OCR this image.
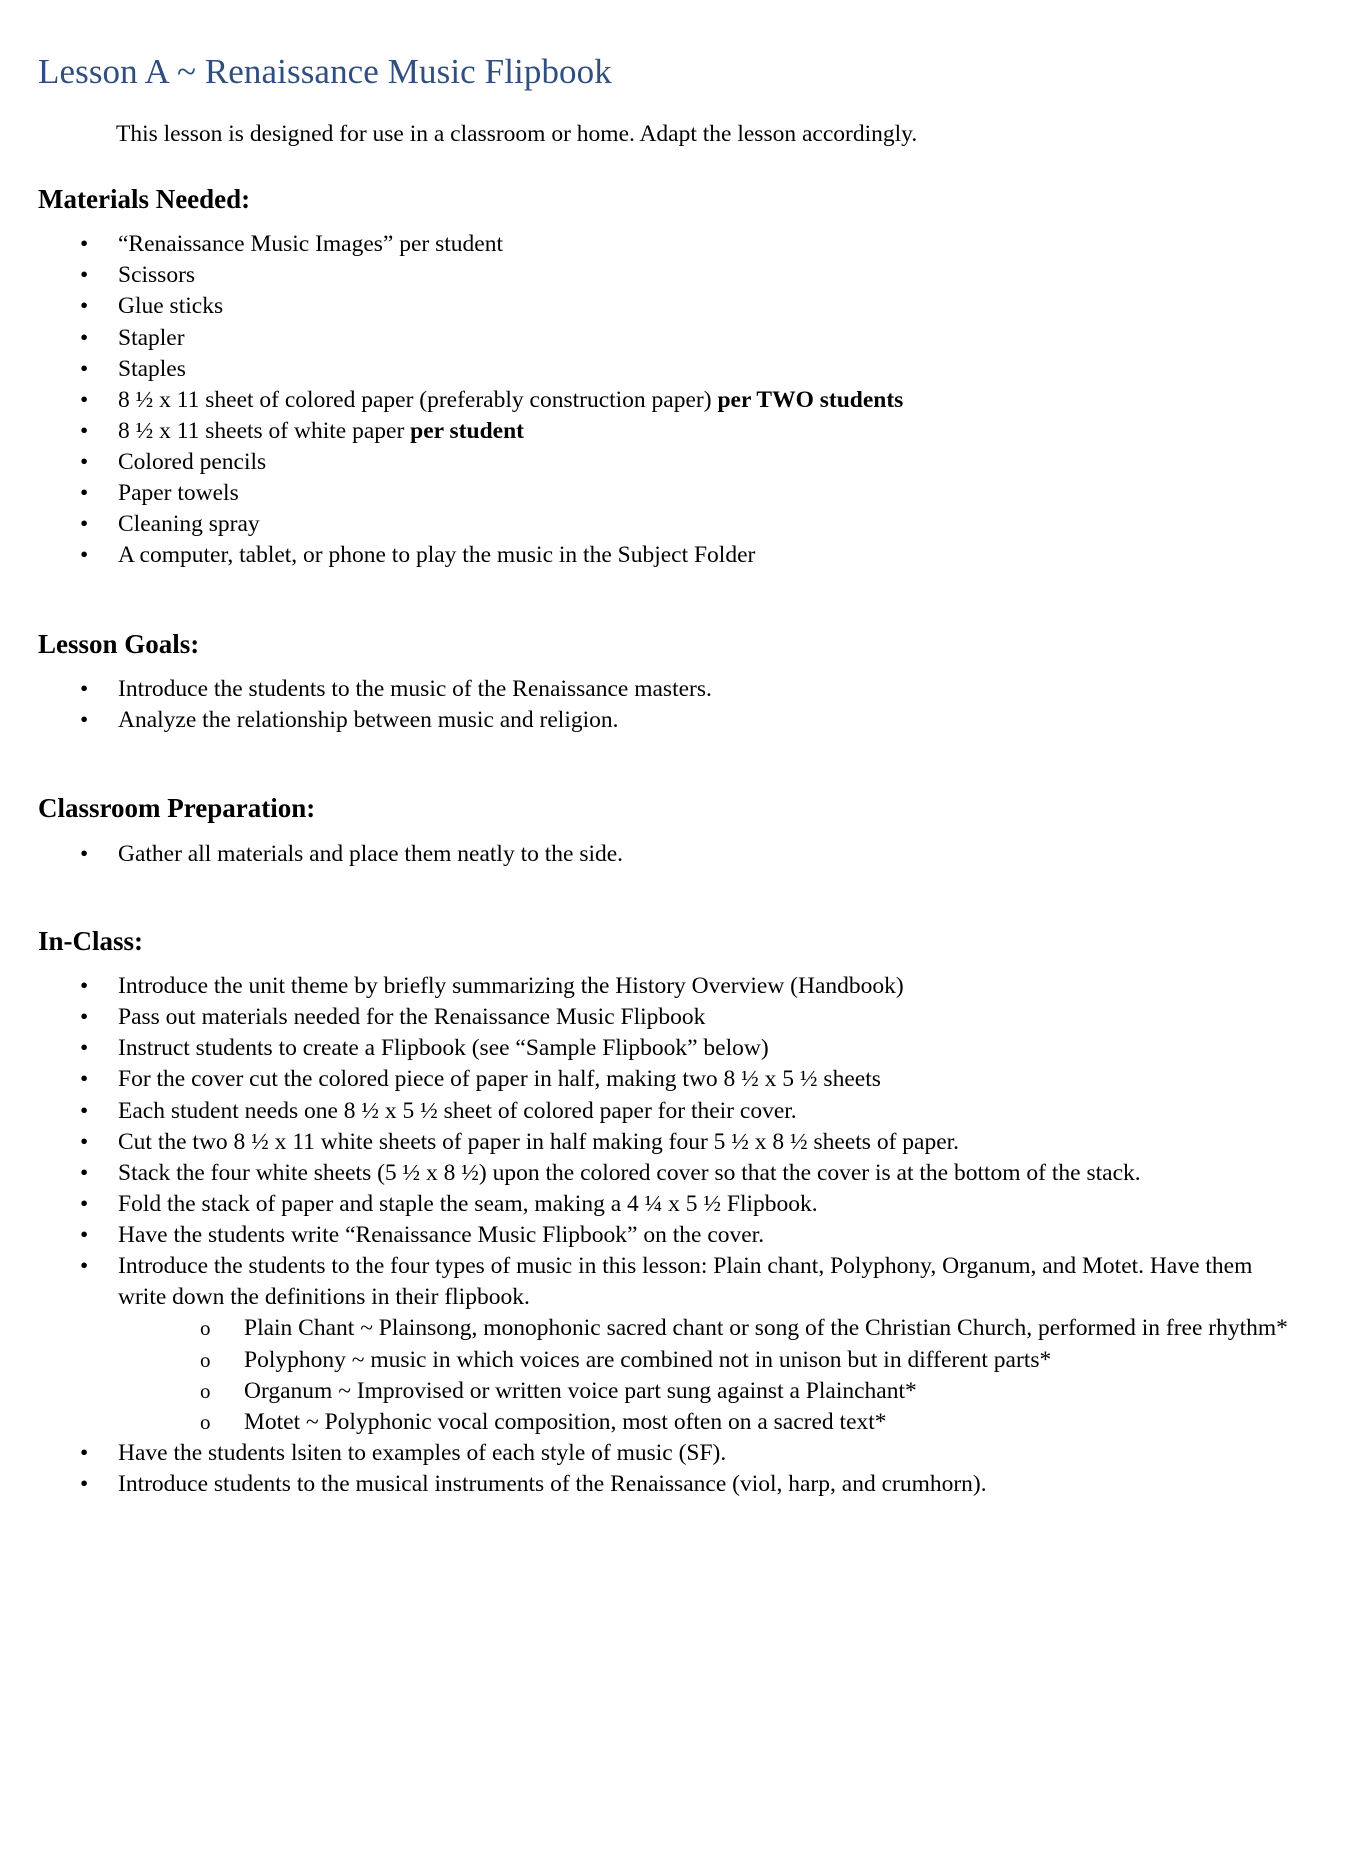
Lesson A ~ Renaissance Music Flipbook

This lesson is designed for use in a classroom or home. Adapt the lesson accordingly.

Materials Needed:
•	“Renaissance Music Images” per student
•	Scissors
•	Glue sticks
•	Stapler
•	Staples
•	8 ½ x 11 sheet of colored paper (preferably construction paper) per TWO students
•	8 ½ x 11 sheets of white paper per student
•	Colored pencils
•	Paper towels
•	Cleaning spray
•	A computer, tablet, or phone to play the music in the Subject Folder
Lesson Goals:
•	Introduce the students to the music of the Renaissance masters.
•	Analyze the relationship between music and religion.
Classroom Preparation:
•	Gather all materials and place them neatly to the side.
In-Class:
•	Introduce the unit theme by briefly summarizing the History Overview (Handbook)
•	Pass out materials needed for the Renaissance Music Flipbook
•	Instruct students to create a Flipbook (see “Sample Flipbook” below)
•	For the cover cut the colored piece of paper in half, making two 8 ½ x 5 ½ sheets
•	Each student needs one 8 ½ x 5 ½ sheet of colored paper for their cover.
•	Cut the two 8 ½ x 11 white sheets of paper in half making four 5 ½ x 8 ½ sheets of paper.
•	Stack the four white sheets (5 ½ x 8 ½) upon the colored cover so that the cover is at the bottom of the stack.
•	Fold the stack of paper and staple the seam, making a 4 ¼ x 5 ½ Flipbook.
•	Have the students write “Renaissance Music Flipbook” on the cover.
•	Introduce the students to the four types of music in this lesson: Plain chant, Polyphony, Organum, and Motet. Have them write down the definitions in their flipbook.
o	Plain Chant ~ Plainsong, monophonic sacred chant or song of the Christian Church, performed in free rhythm*
o	Polyphony ~ music in which voices are combined not in unison but in different parts*
o	Organum ~ Improvised or written voice part sung against a Plainchant*
o	Motet ~ Polyphonic vocal composition, most often on a sacred text*
•	Have the students lsiten to examples of each style of music (SF).
•	Introduce students to the musical instruments of the Renaissance (viol, harp, and crumhorn).
